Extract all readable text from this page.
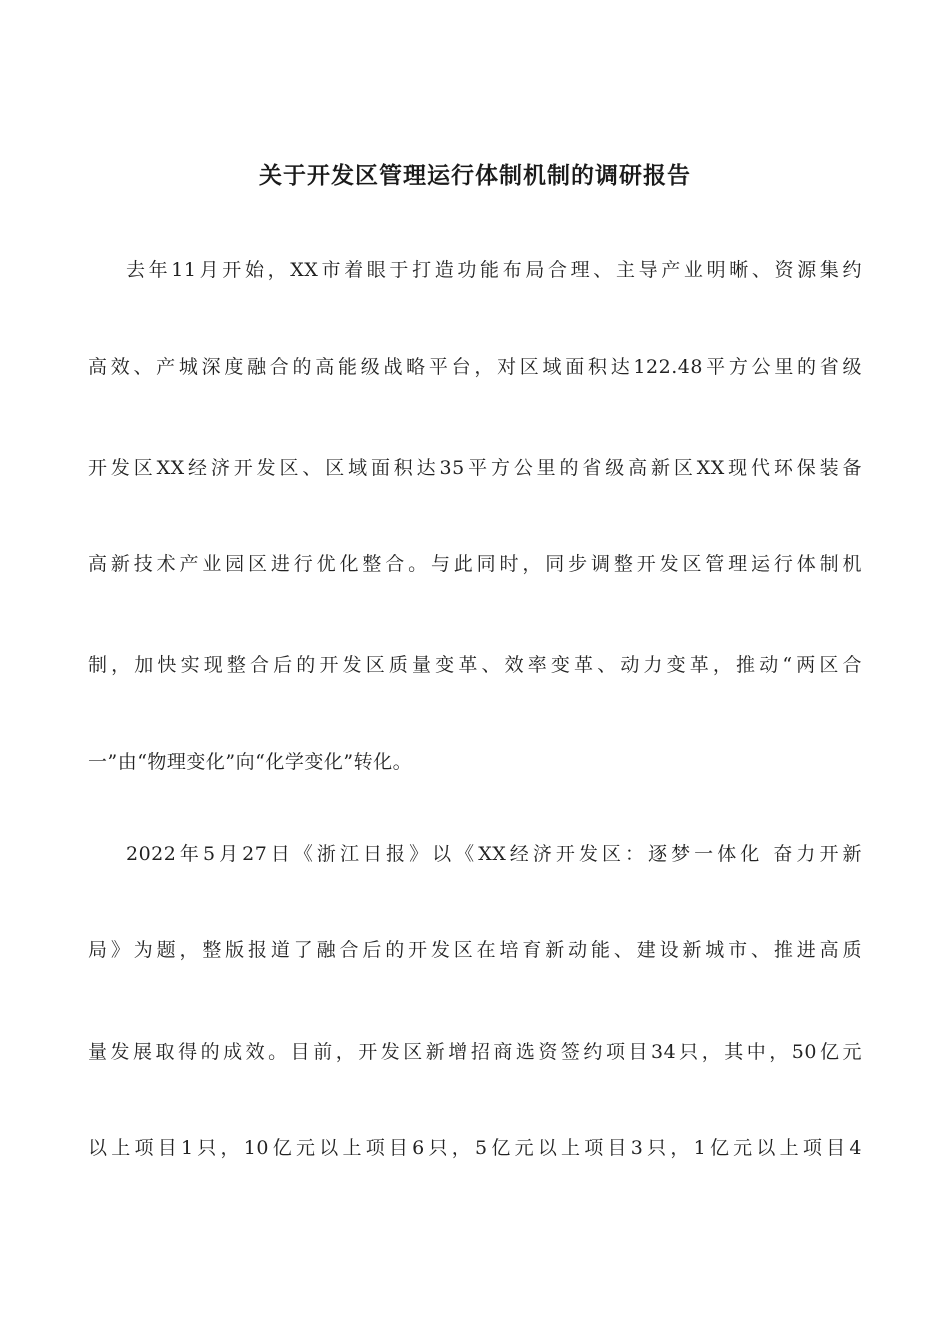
关于开发区管理运行体制机制的调研报告
去年11月开始，XX市着眼于打造功能布局合理、主导产业明晰、资源集约
高效、产城深度融合的高能级战略平台，对区域面积达122.48平方公里的省级
开发区XX经济开发区、区域面积达35平方公里的省级高新区XX现代环保装备
高新技术产业园区进行优化整合。与此同时，同步调整开发区管理运行体制机
制，加快实现整合后的开发区质量变革、效率变革、动力变革，推动“两区合
一”由“物理变化”向“化学变化”转化。
2022年5月27日《浙江日报》以《XX经济开发区：逐梦一体化 奋力开新
局》为题，整版报道了融合后的开发区在培育新动能、建设新城市、推进高质
量发展取得的成效。目前，开发区新增招商选资签约项目34只，其中，50亿元
以上项目1只，10亿元以上项目6只，5亿元以上项目3只，1亿元以上项目4
